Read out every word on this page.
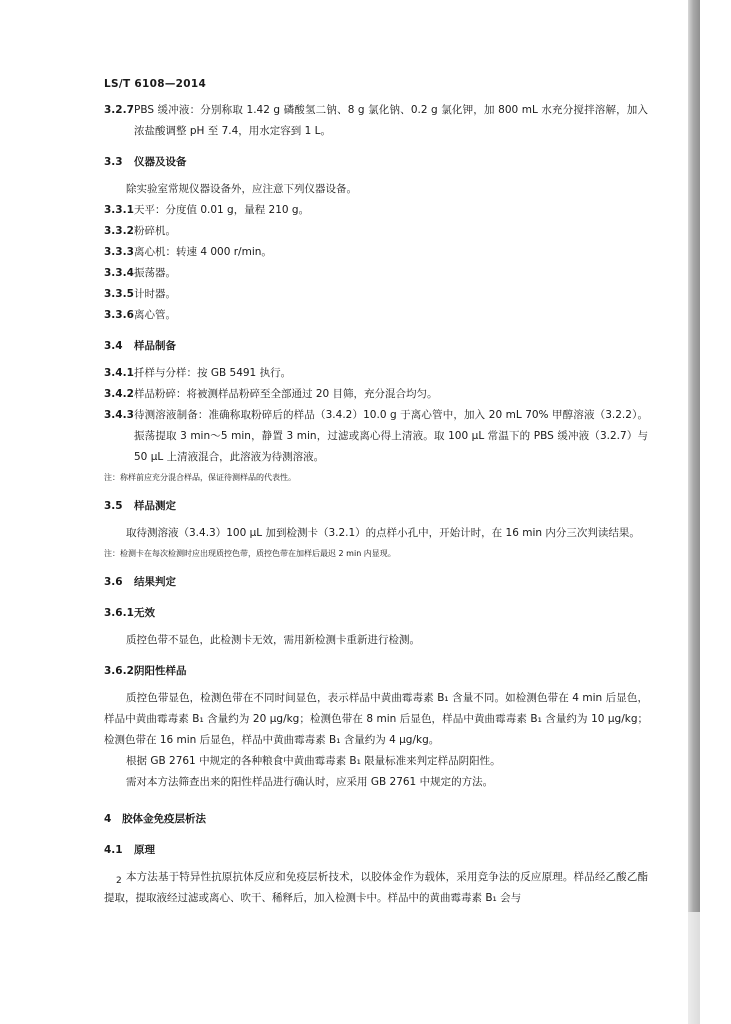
LS/T 6108—2014
3.2.7 PBS 缓冲液：分别称取 1.42 g 磷酸氢二钠、8 g 氯化钠、0.2 g 氯化钾，加 800 mL 水充分搅拌溶解，加入浓盐酸调整 pH 至 7.4，用水定容到 1 L。
3.3	仪器及设备
除实验室常规仪器设备外，应注意下列仪器设备。
3.3.1 天平：分度值 0.01 g，量程 210 g。
3.3.2 粉碎机。
3.3.3 离心机：转速 4 000 r/min。
3.3.4 振荡器。
3.3.5 计时器。
3.3.6 离心管。
3.4	样品制备
3.4.1 扦样与分样：按 GB 5491 执行。
3.4.2 样品粉碎：将被测样品粉碎至全部通过 20 目筛，充分混合均匀。
3.4.3 待测溶液制备：准确称取粉碎后的样品（3.4.2）10.0 g 于离心管中，加入 20 mL 70% 甲醇溶液（3.2.2）。振荡提取 3 min～5 min，静置 3 min，过滤或离心得上清液。取 100 μL 常温下的 PBS 缓冲液（3.2.7）与 50 μL 上清液混合，此溶液为待测溶液。
注：称样前应充分混合样品，保证待测样品的代表性。
3.5	样品测定
取待测溶液（3.4.3）100 μL 加到检测卡（3.2.1）的点样小孔中，开始计时，在 16 min 内分三次判读结果。
注：检测卡在每次检测时应出现质控色带，质控色带在加样后最迟 2 min 内显现。
3.6	结果判定
3.6.1 无效
质控色带不显色，此检测卡无效，需用新检测卡重新进行检测。
3.6.2 阴阳性样品
质控色带显色，检测色带在不同时间显色，表示样品中黄曲霉毒素 B₁ 含量不同。如检测色带在 4 min 后显色，样品中黄曲霉毒素 B₁ 含量约为 20 μg/kg；检测色带在 8 min 后显色，样品中黄曲霉毒素 B₁ 含量约为 10 μg/kg；检测色带在 16 min 后显色，样品中黄曲霉毒素 B₁ 含量约为 4 μg/kg。
根据 GB 2761 中规定的各种粮食中黄曲霉毒素 B₁ 限量标准来判定样品阴阳性。
需对本方法筛查出来的阳性样品进行确认时，应采用 GB 2761 中规定的方法。
4	胶体金免疫层析法
4.1	原理
本方法基于特异性抗原抗体反应和免疫层析技术，以胶体金作为载体，采用竞争法的反应原理。样品经乙酸乙酯提取，提取液经过滤或离心、吹干、稀释后，加入检测卡中。样品中的黄曲霉毒素 B₁ 会与
2
